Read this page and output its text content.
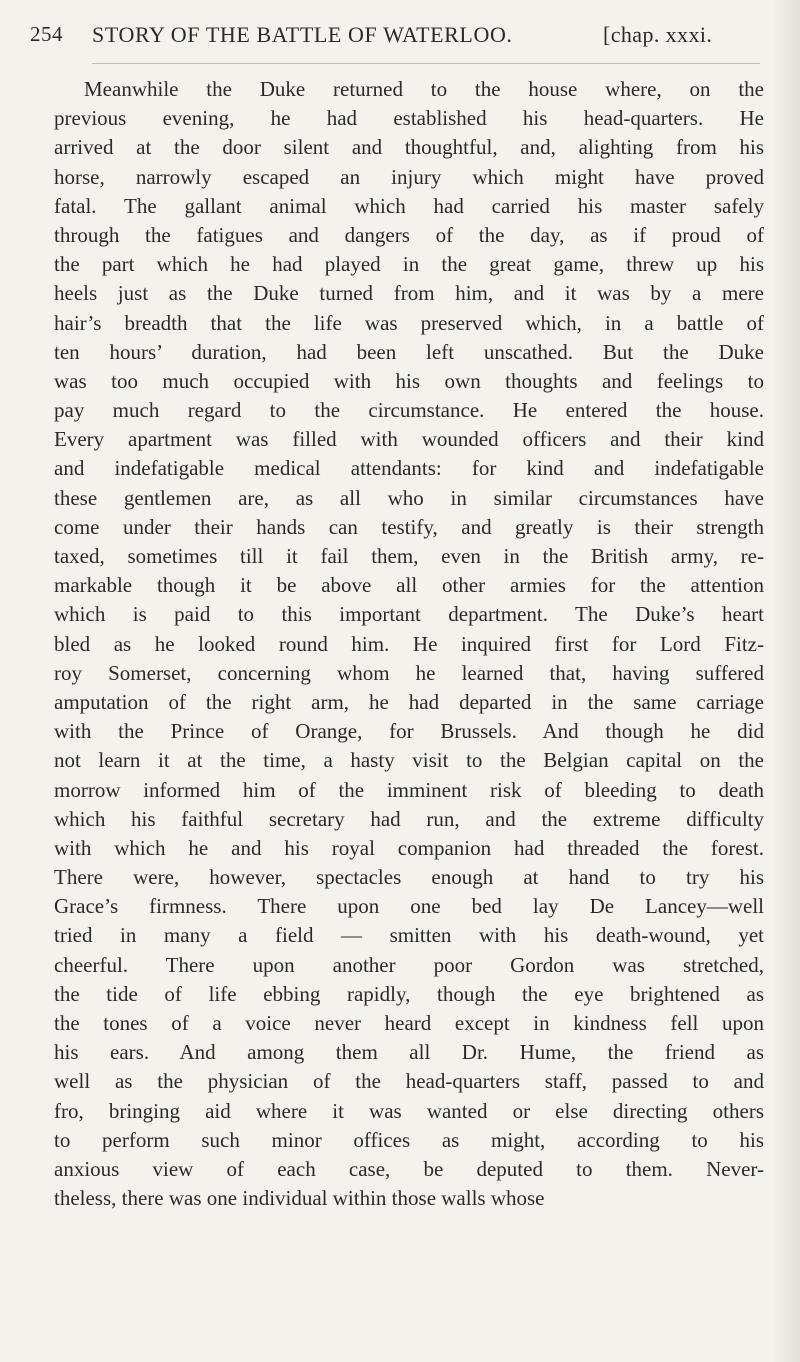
254 STORY OF THE BATTLE OF WATERLOO.	[chap. xxxi.
Meanwhile the Duke returned to the house where, on the
previous evening, he had established his head-quarters. He
arrived at the door silent and thoughtful, and, alighting from his
horse, narrowly escaped an injury which might have proved
fatal. The gallant animal which had carried his master safely
through the fatigues and dangers of the day, as if proud of
the part which he had played in the great game, threw up his
heels just as the Duke turned from him, and it was by a mere
hair’s breadth that the life was preserved which, in a battle of
ten hours’ duration, had been left unscathed. But the Duke
was too much occupied with his own thoughts and feelings to
pay much regard to the circumstance. He entered the house.
Every apartment was filled with wounded officers and their kind
and indefatigable medical attendants: for kind and indefatigable
these gentlemen are, as all who in similar circumstances have
come under their hands can testify, and greatly is their strength
taxed, sometimes till it fail them, even in the British army, re-
markable though it be above all other armies for the attention
which is paid to this important department. The Duke’s heart
bled as he looked round him. He inquired first for Lord Fitz-
roy Somerset, concerning whom he learned that, having suffered
amputation of the right arm, he had departed in the same carriage
with the Prince of Orange, for Brussels. And though he did
not learn it at the time, a hasty visit to the Belgian capital on the
morrow informed him of the imminent risk of bleeding to death
which his faithful secretary had run, and the extreme difficulty
with which he and his royal companion had threaded the forest.
There were, however, spectacles enough at hand to try his
Grace’s firmness. There upon one bed lay De Lancey—well
tried in many a field — smitten with his death-wound, yet
cheerful. There upon another poor Gordon was stretched,
the tide of life ebbing rapidly, though the eye brightened as
the tones of a voice never heard except in kindness fell upon
his ears. And among them all Dr. Hume, the friend as
well as the physician of the head-quarters staff, passed to and
fro, bringing aid where it was wanted or else directing others
to perform such minor offices as might, according to his
anxious view of each case, be deputed to them. Never-
theless, there was one individual within those walls whose
